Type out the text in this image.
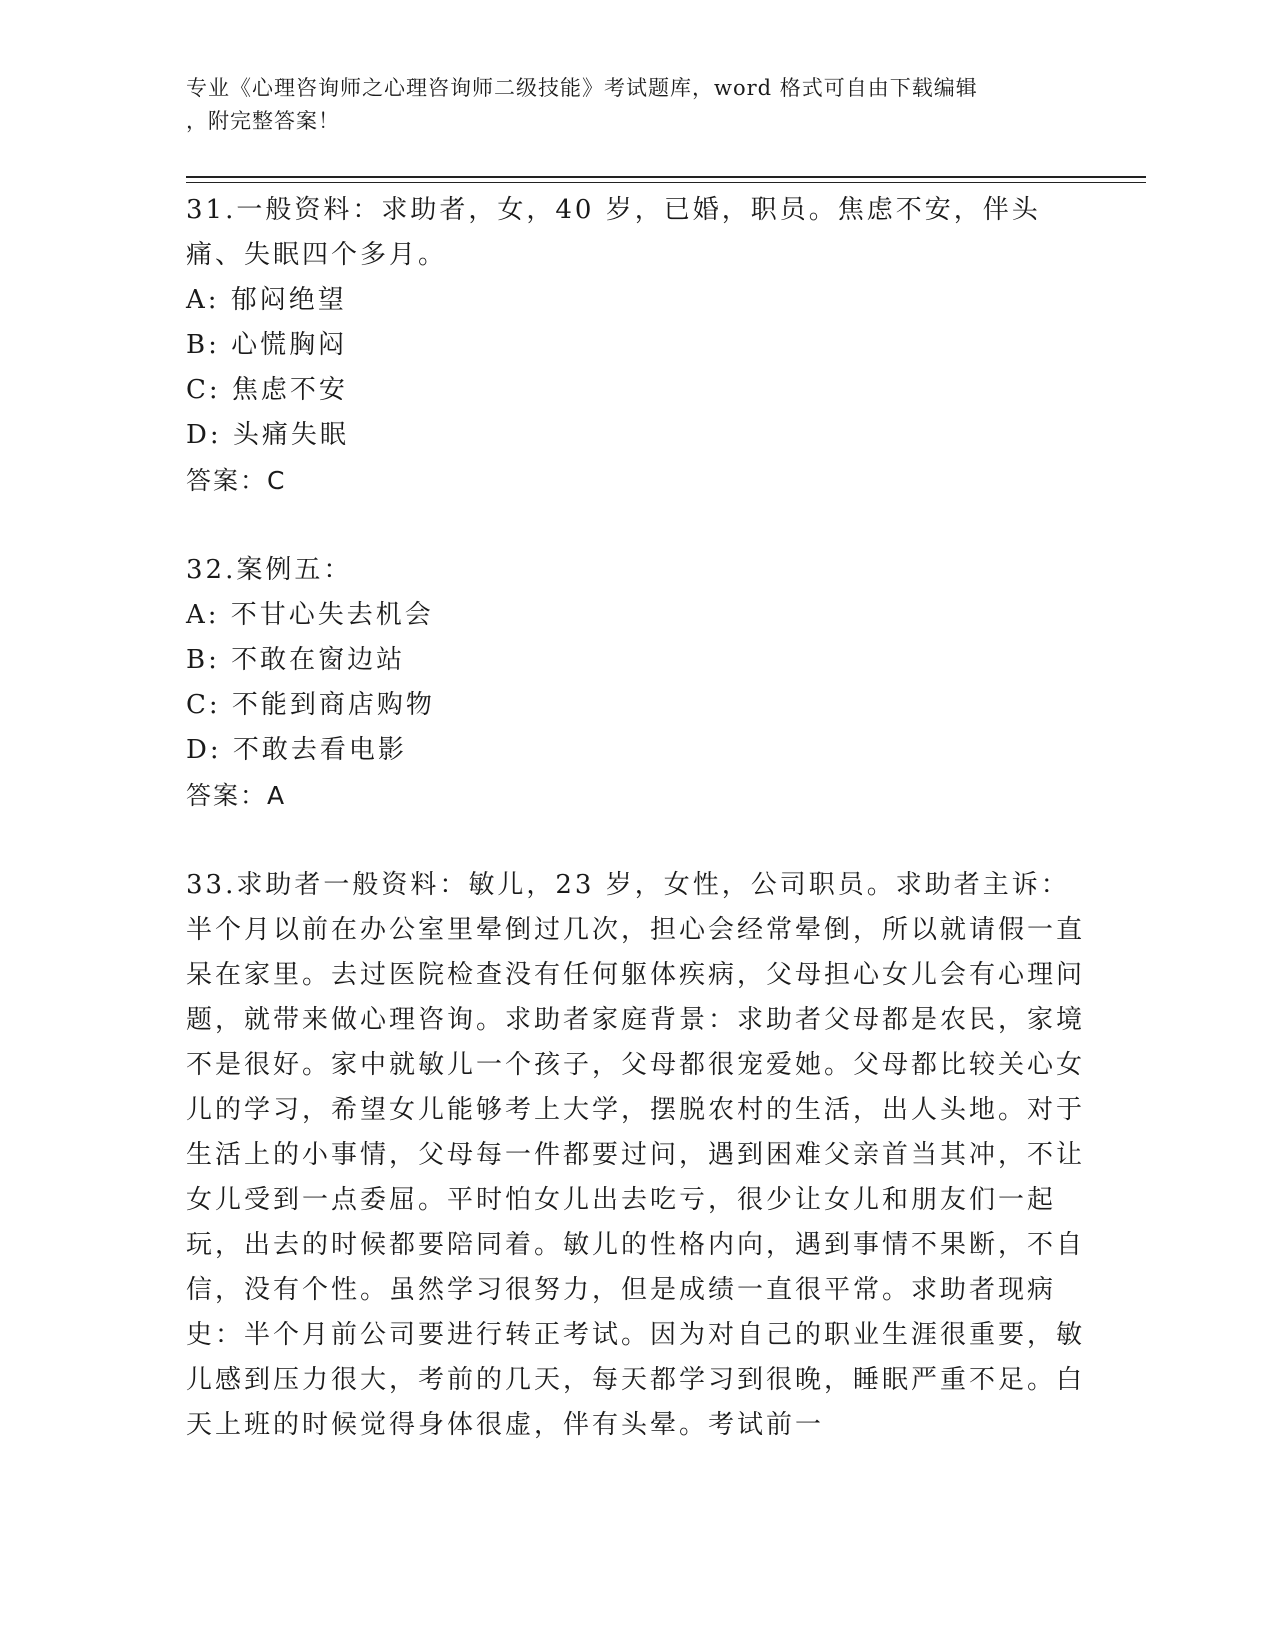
专业《心理咨询师之心理咨询师二级技能》考试题库，word 格式可自由下载编辑
，附完整答案！

31.一般资料：求助者，女，40 岁，已婚，职员。焦虑不安，伴头痛、失眠四个多月。

A: 郁闷绝望

B: 心慌胸闷

C: 焦虑不安

D: 头痛失眠

答案：C

32.案例五：

A: 不甘心失去机会

B: 不敢在窗边站

C: 不能到商店购物

D: 不敢去看电影

答案：A

33.求助者一般资料：敏儿，23 岁，女性，公司职员。求助者主诉：半个月以前在办公室里晕倒过几次，担心会经常晕倒，所以就请假一直呆在家里。去过医院检查没有任何躯体疾病，父母担心女儿会有心理问题，就带来做心理咨询。求助者家庭背景：求助者父母都是农民，家境不是很好。家中就敏儿一个孩子，父母都很宠爱她。父母都比较关心女儿的学习，希望女儿能够考上大学，摆脱农村的生活，出人头地。对于生活上的小事情，父母每一件都要过问，遇到困难父亲首当其冲，不让女儿受到一点委屈。平时怕女儿出去吃亏，很少让女儿和朋友们一起玩，出去的时候都要陪同着。敏儿的性格内向，遇到事情不果断，不自信，没有个性。虽然学习很努力，但是成绩一直很平常。求助者现病史：半个月前公司要进行转正考试。因为对自己的职业生涯很重要，敏儿感到压力很大，考前的几天，每天都学习到很晚，睡眠严重不足。白天上班的时候觉得身体很虚，伴有头晕。考试前一
